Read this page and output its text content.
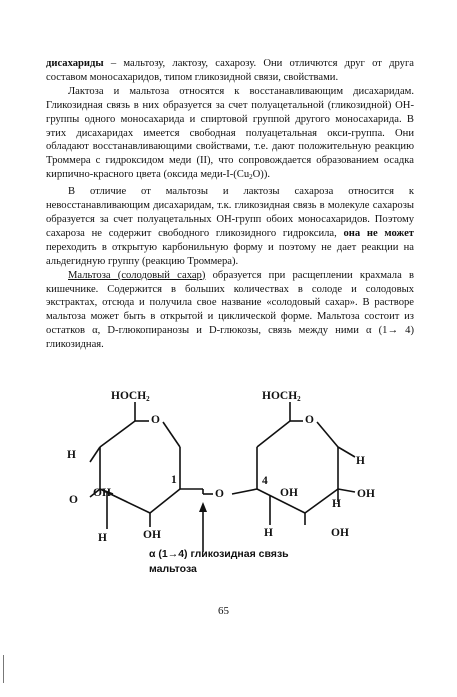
дисахариды – мальтозу, лактозу, сахарозу. Они отличются друг от друга составом моносахаридов, типом гликозидной связи, свойствами.

Лактоза и мальтоза относятся к восстанавливающим дисахаридам. Гликозидная связь в них образуется за счет полуацетальной (гликозидной) ОН-группы одного моносахарида и спиртовой группой другого моносахарида. В этих дисахаридах имеется свободная полуацетальная окси-группа. Они обладают восстанавливающими свойствами, т.е. дают положительную реакцию Троммера с гидроксидом меди (II), что сопровождается образованием осадка кирпично-красного цвета (оксида меди-$I-(Cu_2O)$).

В отличие от мальтозы и лактозы сахароза относится к невосстанавливающим дисахаридам, т.к. гликозидная связь в молекуле сахарозы образуется за счет полуацетальных ОН-групп обоих моносахаридов. Поэтому сахароза не содержит свободного гликозидного гидроксила, она не может переходить в открытую карбонильную форму и поэтому не дает реакции на альдегидную группу (реакцию Троммера).

Мальтоза (солодовый сахар) образуется при расщеплении крахмала в кишечнике. Содержится в больших количествах в солоде и солодовых экстрактах, отсюда и получила свое название «солодовый сахар». В растворе мальтоза может быть в открытой и циклической форме. Мальтоза состоит из остатков α, D-глюкопиранозы и D-глюкозы, связь между ними α (1→ 4) гликозидная.

$HOCH_2$
O
H
O
OH
1
OH
H
O
$HOCH_2$
O
H
4
OH
H
OH
H	OH
α (1→4) гликозидная связь
мальтоза
65
